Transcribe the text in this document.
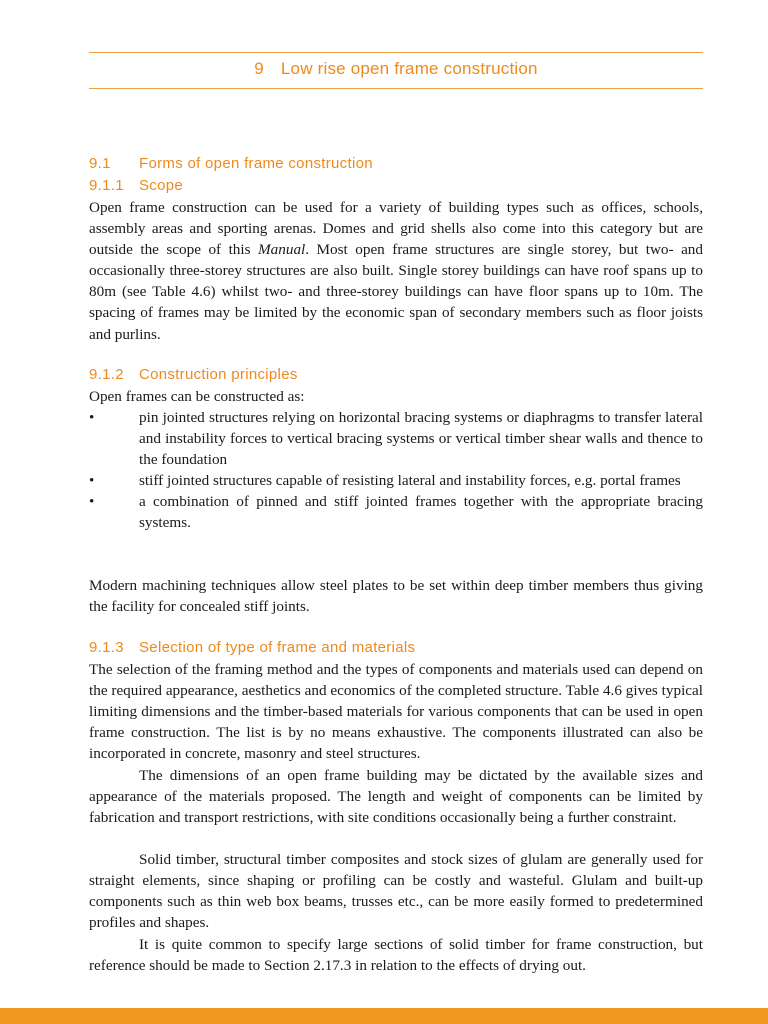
9 Low rise open frame construction
9.1 Forms of open frame construction
9.1.1 Scope

Open frame construction can be used for a variety of building types such as offices, schools, assembly areas and sporting arenas. Domes and grid shells also come into this category but are outside the scope of this Manual. Most open frame structures are single storey, but two- and occasionally three-storey structures are also built. Single storey buildings can have roof spans up to 80m (see Table 4.6) whilst two- and three-storey buildings can have floor spans up to 10m. The spacing of frames may be limited by the economic span of secondary members such as floor joists and purlins.

9.1.2 Construction principles

Open frames can be constructed as:

•	pin jointed structures relying on horizontal bracing systems or diaphragms to transfer lateral and instability forces to vertical bracing systems or vertical timber shear walls and thence to the foundation
•	stiff jointed structures capable of resisting lateral and instability forces, e.g. portal frames
•	a combination of pinned and stiff jointed frames together with the appropriate bracing systems.

Modern machining techniques allow steel plates to be set within deep timber members thus giving the facility for concealed stiff joints.

9.1.3 Selection of type of frame and materials

The selection of the framing method and the types of components and materials used can depend on the required appearance, aesthetics and economics of the completed structure. Table 4.6 gives typical limiting dimensions and the timber-based materials for various components that can be used in open frame construction. The list is by no means exhaustive. The components illustrated can also be incorporated in concrete, masonry and steel structures.

The dimensions of an open frame building may be dictated by the available sizes and appearance of the materials proposed. The length and weight of components can be limited by fabrication and transport restrictions, with site conditions occasionally being a further constraint.

Solid timber, structural timber composites and stock sizes of glulam are generally used for straight elements, since shaping or profiling can be costly and wasteful. Glulam and built-up components such as thin web box beams, trusses etc., can be more easily formed to predetermined profiles and shapes.

It is quite common to specify large sections of solid timber for frame construction, but reference should be made to Section 2.17.3 in relation to the effects of drying out.
